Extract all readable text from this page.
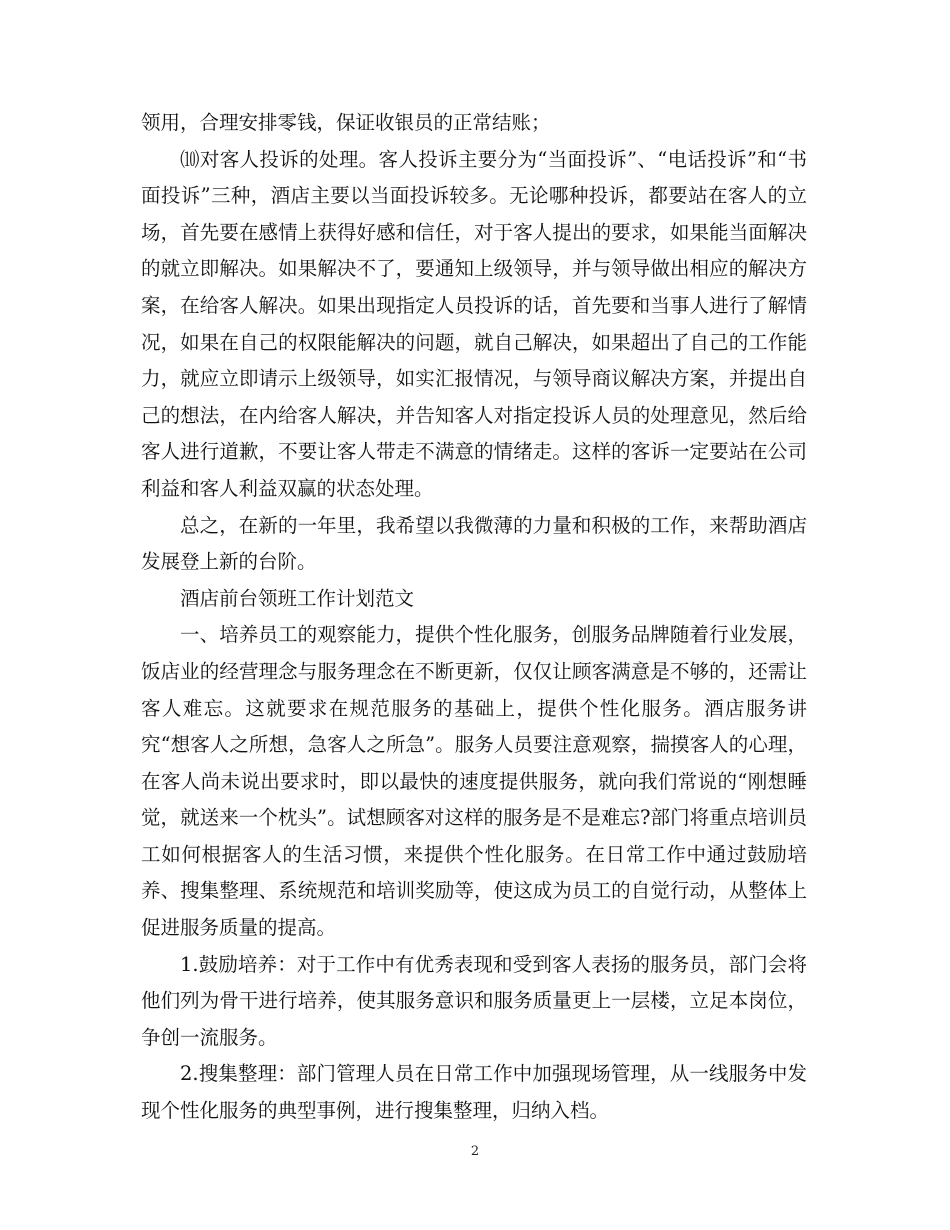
领用，合理安排零钱，保证收银员的正常结账；

⑽对客人投诉的处理。客人投诉主要分为“当面投诉”、“电话投诉”和“书面投诉”三种，酒店主要以当面投诉较多。无论哪种投诉，都要站在客人的立场，首先要在感情上获得好感和信任，对于客人提出的要求，如果能当面解决的就立即解决。如果解决不了，要通知上级领导，并与领导做出相应的解决方案，在给客人解决。如果出现指定人员投诉的话，首先要和当事人进行了解情况，如果在自己的权限能解决的问题，就自己解决，如果超出了自己的工作能力，就应立即请示上级领导，如实汇报情况，与领导商议解决方案，并提出自己的想法，在内给客人解决，并告知客人对指定投诉人员的处理意见，然后给客人进行道歉，不要让客人带走不满意的情绪走。这样的客诉一定要站在公司利益和客人利益双赢的状态处理。

总之，在新的一年里，我希望以我微薄的力量和积极的工作，来帮助酒店发展登上新的台阶。

酒店前台领班工作计划范文

一、培养员工的观察能力，提供个性化服务，创服务品牌随着行业发展，饭店业的经营理念与服务理念在不断更新，仅仅让顾客满意是不够的，还需让客人难忘。这就要求在规范服务的基础上，提供个性化服务。酒店服务讲究“想客人之所想，急客人之所急”。服务人员要注意观察，揣摸客人的心理，在客人尚未说出要求时，即以最快的速度提供服务，就向我们常说的“刚想睡觉，就送来一个枕头”。试想顾客对这样的服务是不是难忘?部门将重点培训员工如何根据客人的生活习惯，来提供个性化服务。在日常工作中通过鼓励培养、搜集整理、系统规范和培训奖励等，使这成为员工的自觉行动，从整体上促进服务质量的提高。

1.鼓励培养：对于工作中有优秀表现和受到客人表扬的服务员，部门会将他们列为骨干进行培养，使其服务意识和服务质量更上一层楼，立足本岗位，争创一流服务。

2.搜集整理：部门管理人员在日常工作中加强现场管理，从一线服务中发现个性化服务的典型事例，进行搜集整理，归纳入档。

2
